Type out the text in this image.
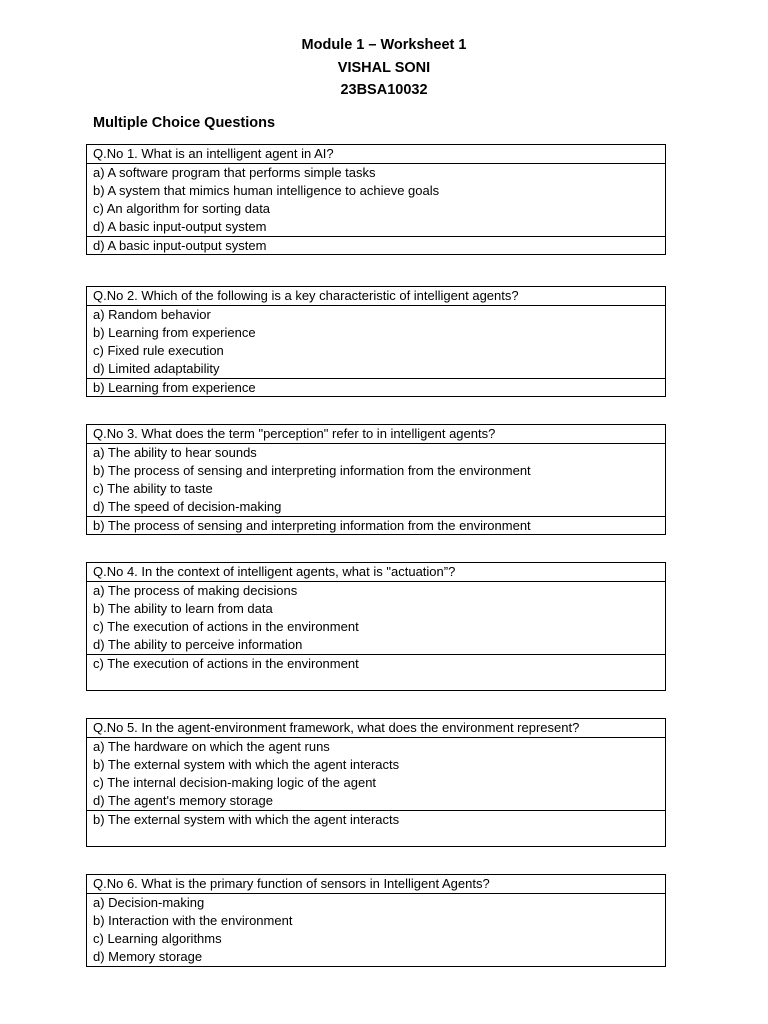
Module 1 – Worksheet 1
VISHAL SONI
23BSA10032
Multiple Choice Questions
Q.No 1. What is an intelligent agent in AI?
a) A software program that performs simple tasks
b) A system that mimics human intelligence to achieve goals
c) An algorithm for sorting data
d) A basic input-output system
d) A basic input-output system
Q.No 2. Which of the following is a key characteristic of intelligent agents?
a) Random behavior
b) Learning from experience
c) Fixed rule execution
d) Limited adaptability
b) Learning from experience
Q.No 3. What does the term "perception" refer to in intelligent agents?
a) The ability to hear sounds
b) The process of sensing and interpreting information from the environment
c) The ability to taste
d) The speed of decision-making
b) The process of sensing and interpreting information from the environment
Q.No 4. In the context of intelligent agents, what is "actuation”?
a) The process of making decisions
b) The ability to learn from data
c) The execution of actions in the environment
d) The ability to perceive information
c) The execution of actions in the environment
Q.No 5. In the agent-environment framework, what does the environment represent?
a) The hardware on which the agent runs
b) The external system with which the agent interacts
c) The internal decision-making logic of the agent
d) The agent's memory storage
b) The external system with which the agent interacts
Q.No 6. What is the primary function of sensors in Intelligent Agents?
a) Decision-making
b) Interaction with the environment
c) Learning algorithms
d) Memory storage
